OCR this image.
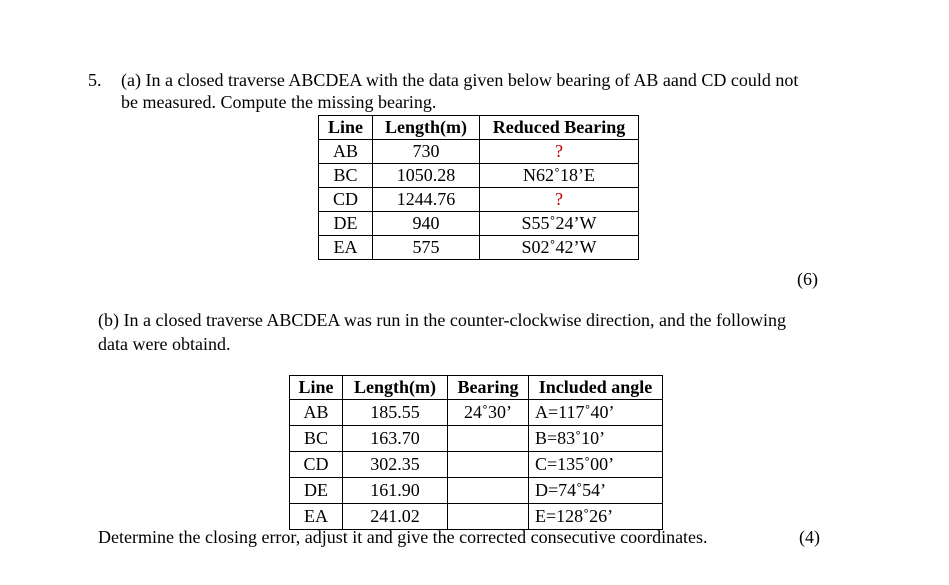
5. (a) In a closed traverse ABCDEA with the data given below bearing of AB aand CD could not
be measured. Compute the missing bearing.
Line	Length(m)	Reduced Bearing
AB	730	?
BC	1050.28	N62˚18’E
CD	1244.76	?
DE	940	S55˚24’W
EA	575	S02˚42’W
(6)
(b) In a closed traverse ABCDEA was run in the counter-clockwise direction, and the following
data were obtaind.
Line	Length(m)	Bearing	Included angle
AB	185.55	24˚30’	A=117˚40’
BC	163.70		B=83˚10’
CD	302.35		C=135˚00’
DE	161.90		D=74˚54’
EA	241.02		E=128˚26’
Determine the closing error, adjust it and give the corrected consecutive coordinates.	(4)
